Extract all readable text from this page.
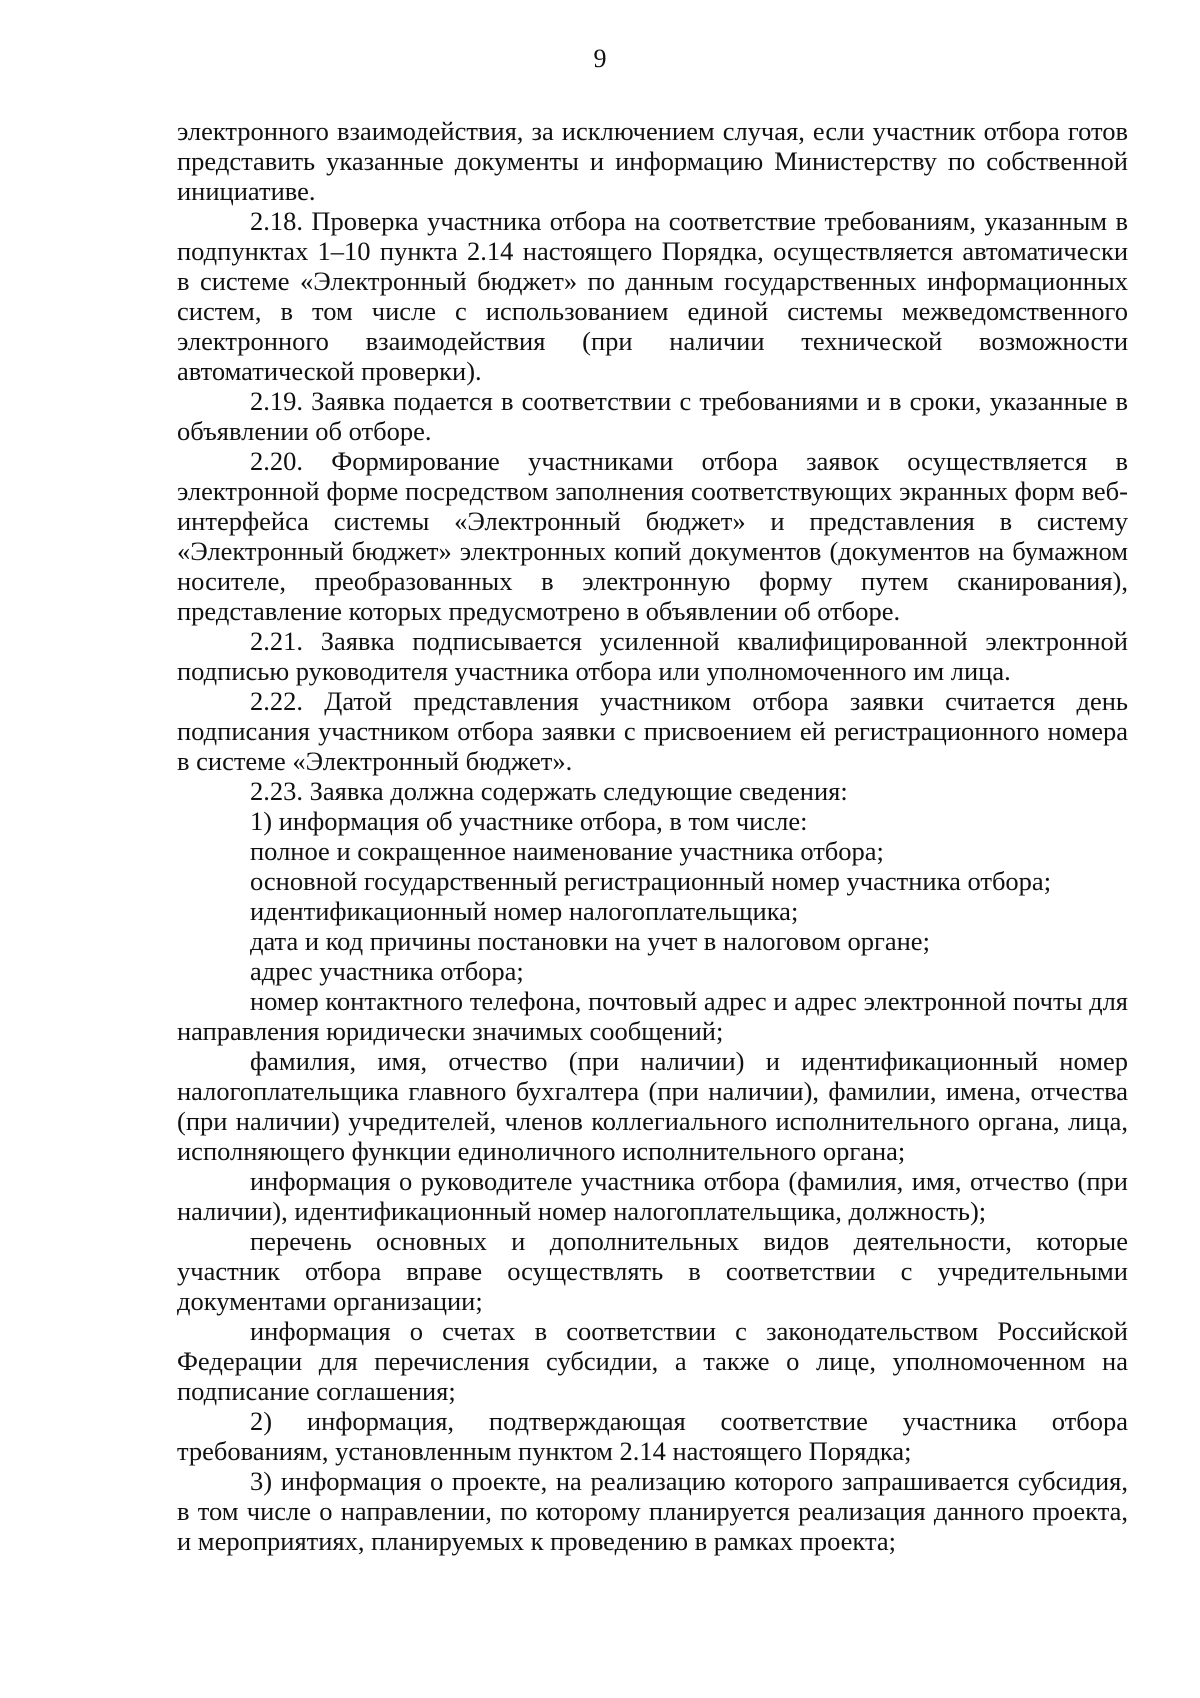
9

электронного взаимодействия, за исключением случая, если участник отбора готов представить указанные документы и информацию Министерству по собственной инициативе.

2.18. Проверка участника отбора на соответствие требованиям, указанным в подпунктах 1–10 пункта 2.14 настоящего Порядка, осуществляется автоматически в системе «Электронный бюджет» по данным государственных информационных систем, в том числе с использованием единой системы межведомственного электронного взаимодействия (при наличии технической возможности автоматической проверки).

2.19. Заявка подается в соответствии с требованиями и в сроки, указанные в объявлении об отборе.

2.20. Формирование участниками отбора заявок осуществляется в электронной форме посредством заполнения соответствующих экранных форм веб-интерфейса системы «Электронный бюджет» и представления в систему «Электронный бюджет» электронных копий документов (документов на бумажном носителе, преобразованных в электронную форму путем сканирования), представление которых предусмотрено в объявлении об отборе.

2.21. Заявка подписывается усиленной квалифицированной электронной подписью руководителя участника отбора или уполномоченного им лица.

2.22. Датой представления участником отбора заявки считается день подписания участником отбора заявки с присвоением ей регистрационного номера в системе «Электронный бюджет».

2.23. Заявка должна содержать следующие сведения:

1) информация об участнике отбора, в том числе:

полное и сокращенное наименование участника отбора;

основной государственный регистрационный номер участника отбора;

идентификационный номер налогоплательщика;

дата и код причины постановки на учет в налоговом органе;

адрес участника отбора;

номер контактного телефона, почтовый адрес и адрес электронной почты для направления юридически значимых сообщений;

фамилия, имя, отчество (при наличии) и идентификационный номер налогоплательщика главного бухгалтера (при наличии), фамилии, имена, отчества (при наличии) учредителей, членов коллегиального исполнительного органа, лица, исполняющего функции единоличного исполнительного органа;

информация о руководителе участника отбора (фамилия, имя, отчество (при наличии), идентификационный номер налогоплательщика, должность);

перечень основных и дополнительных видов деятельности, которые участник отбора вправе осуществлять в соответствии с учредительными документами организации;

информация о счетах в соответствии с законодательством Российской Федерации для перечисления субсидии, а также о лице, уполномоченном на подписание соглашения;

2) информация, подтверждающая соответствие участника отбора требованиям, установленным пунктом 2.14 настоящего Порядка;

3) информация о проекте, на реализацию которого запрашивается субсидия, в том числе о направлении, по которому планируется реализация данного проекта, и мероприятиях, планируемых к проведению в рамках проекта;
